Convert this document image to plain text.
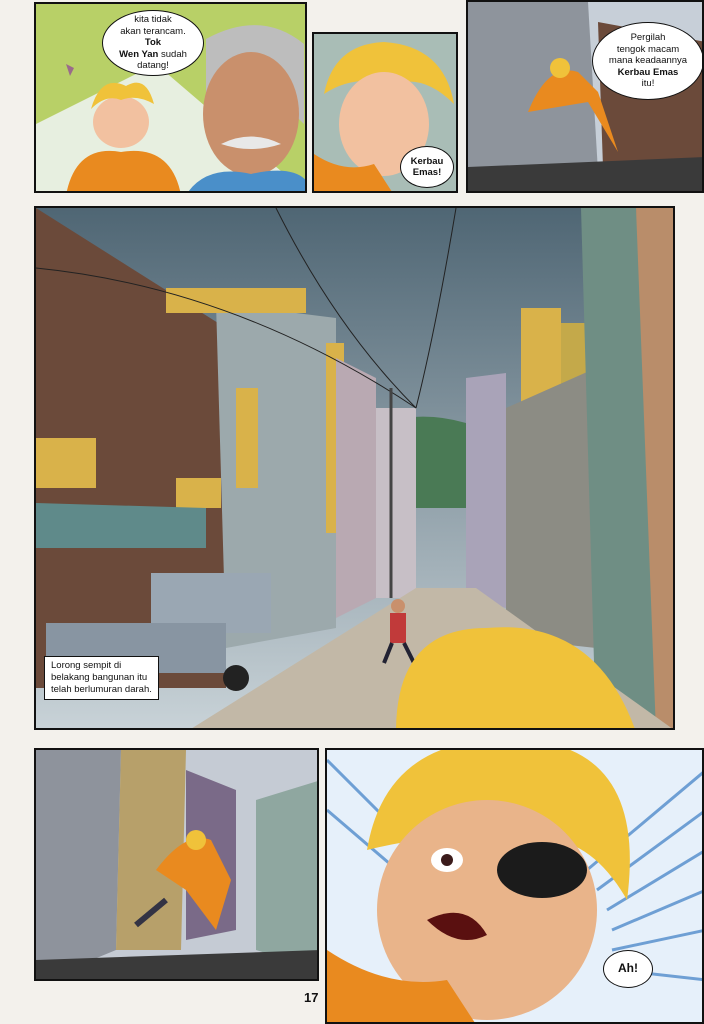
kita tidak
akan terancam.
Tok
Wen Yan sudah
datang!
Kerbau
Emas!
Pergilah
tengok macam
mana keadaannya
Kerbau Emas
itu!
Lorong sempit di
belakang bangunan itu
telah berlumuran darah.
Ah!
17
